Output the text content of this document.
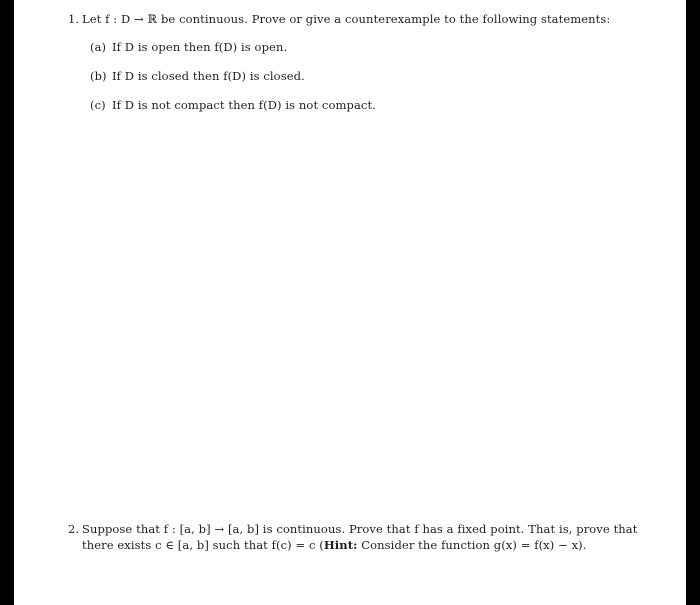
1. Let f : D → ℝ be continuous. Prove or give a counterexample to the following statements:
(a) If D is open then f(D) is open.
(b) If D is closed then f(D) is closed.
(c) If D is not compact then f(D) is not compact.
2. Suppose that f : [a, b] → [a, b] is continuous. Prove that f has a fixed point. That is, prove that
there exists c ∈ [a, b] such that f(c) = c (Hint: Consider the function g(x) = f(x) − x).
